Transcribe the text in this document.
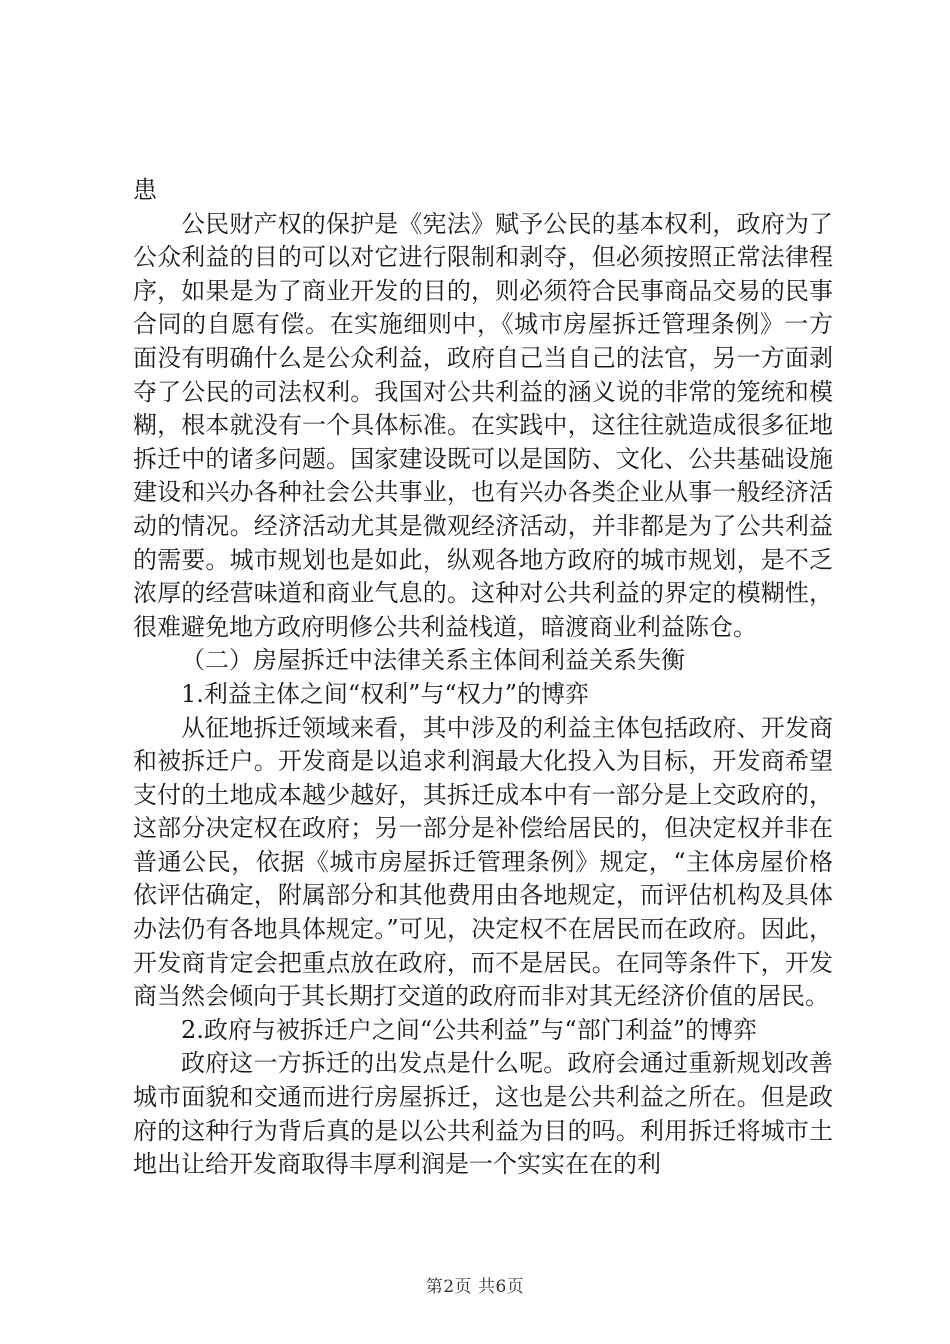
患

公民财产权的保护是《宪法》赋予公民的基本权利，政府为了公众利益的目的可以对它进行限制和剥夺，但必须按照正常法律程序，如果是为了商业开发的目的，则必须符合民事商品交易的民事合同的自愿有偿。在实施细则中，《城市房屋拆迁管理条例》一方面没有明确什么是公众利益，政府自己当自己的法官，另一方面剥夺了公民的司法权利。我国对公共利益的涵义说的非常的笼统和模糊，根本就没有一个具体标准。在实践中，这往往就造成很多征地拆迁中的诸多问题。国家建设既可以是国防、文化、公共基础设施建设和兴办各种社会公共事业，也有兴办各类企业从事一般经济活动的情况。经济活动尤其是微观经济活动，并非都是为了公共利益的需要。城市规划也是如此，纵观各地方政府的城市规划，是不乏浓厚的经营味道和商业气息的。这种对公共利益的界定的模糊性，很难避免地方政府明修公共利益栈道，暗渡商业利益陈仓。

（二）房屋拆迁中法律关系主体间利益关系失衡

1.利益主体之间“权利”与“权力”的博弈

从征地拆迁领域来看，其中涉及的利益主体包括政府、开发商和被拆迁户。开发商是以追求利润最大化投入为目标，开发商希望支付的土地成本越少越好，其拆迁成本中有一部分是上交政府的，这部分决定权在政府；另一部分是补偿给居民的，但决定权并非在普通公民，依据《城市房屋拆迁管理条例》规定，“主体房屋价格依评估确定，附属部分和其他费用由各地规定，而评估机构及具体办法仍有各地具体规定。”可见，决定权不在居民而在政府。因此，开发商肯定会把重点放在政府，而不是居民。在同等条件下，开发商当然会倾向于其长期打交道的政府而非对其无经济价值的居民。

2.政府与被拆迁户之间“公共利益”与“部门利益”的博弈

政府这一方拆迁的出发点是什么呢。政府会通过重新规划改善城市面貌和交通而进行房屋拆迁，这也是公共利益之所在。但是政府的这种行为背后真的是以公共利益为目的吗。利用拆迁将城市土地出让给开发商取得丰厚利润是一个实实在在的利

第2页 共6页
